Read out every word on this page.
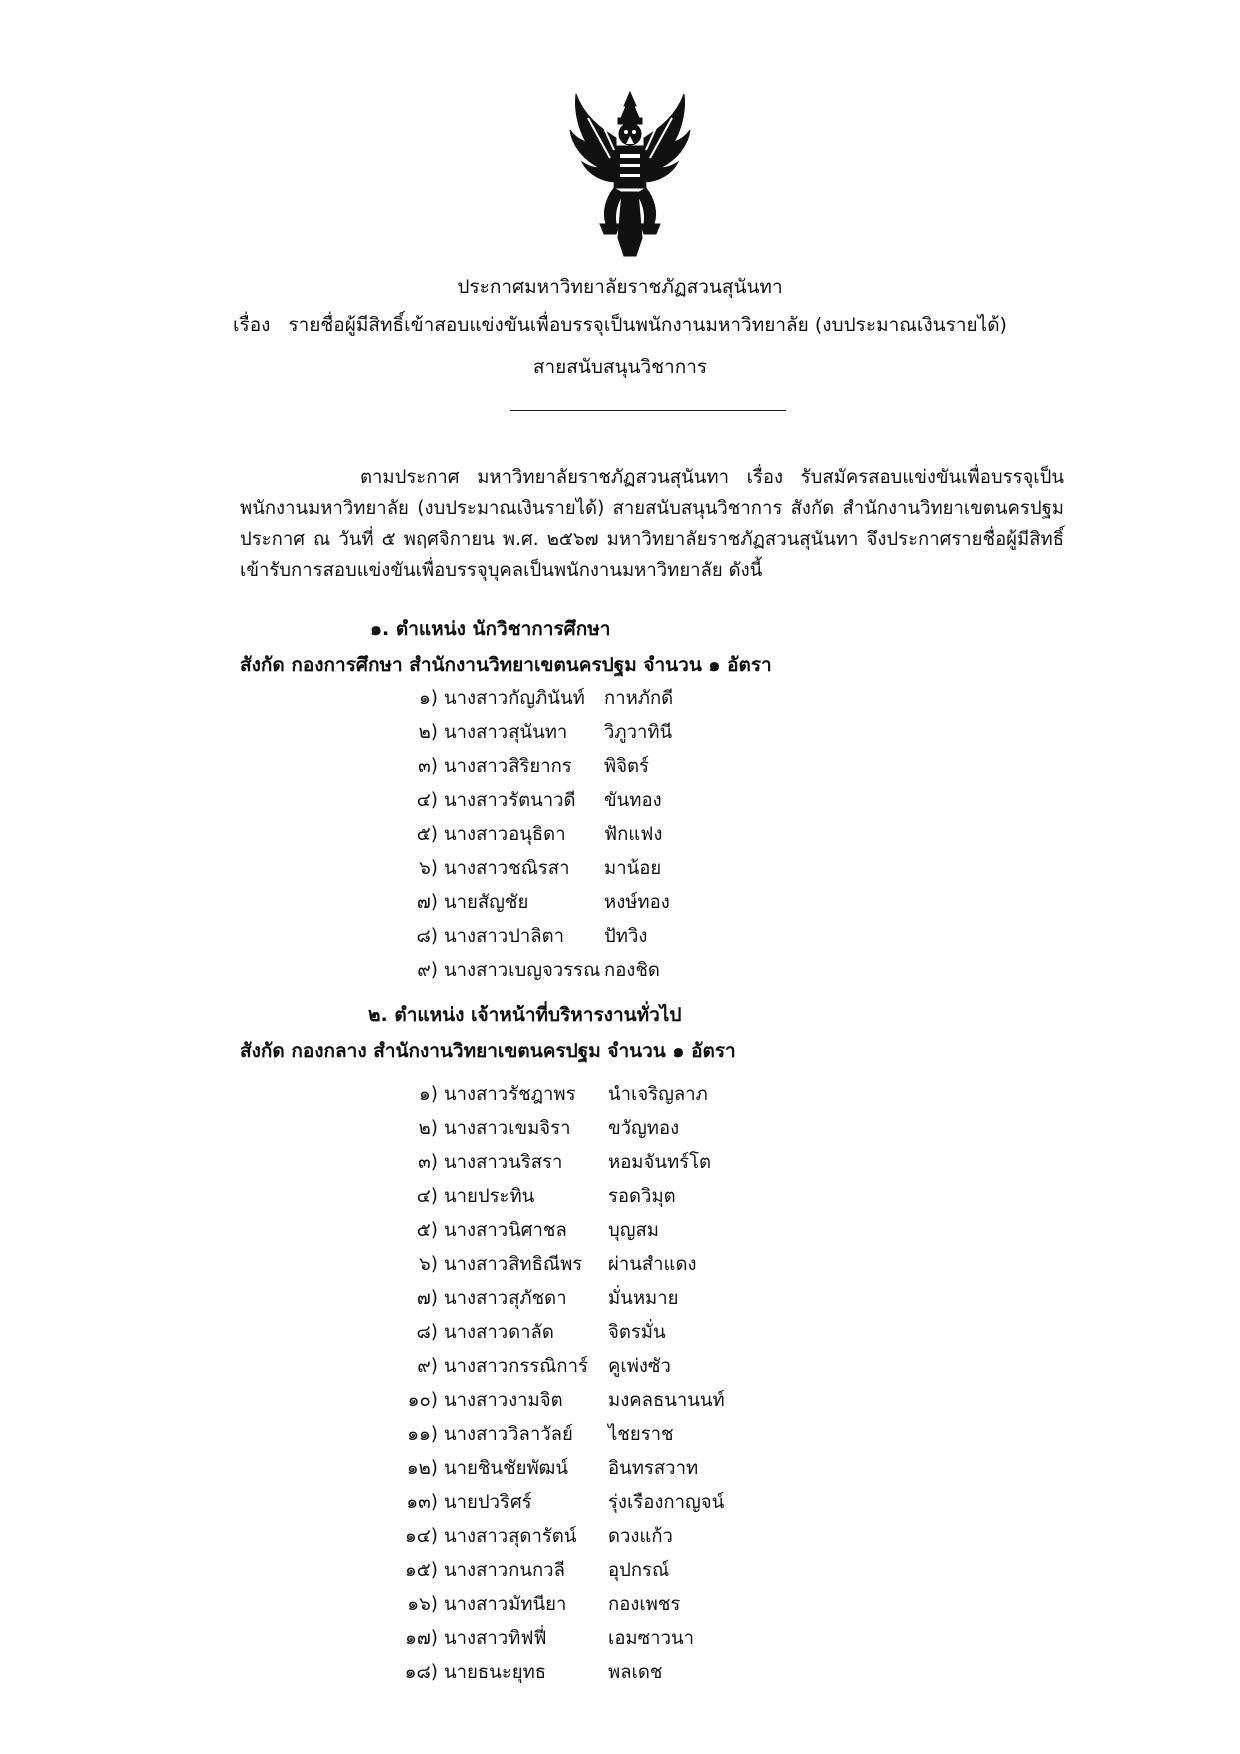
ประกาศมหาวิทยาลัยราชภัฏสวนสุนันทา
เรื่อง รายชื่อผู้มีสิทธิ์เข้าสอบแข่งขันเพื่อบรรจุเป็นพนักงานมหาวิทยาลัย (งบประมาณเงินรายได้)
สายสนับสนุนวิชาการ

ตามประกาศ มหาวิทยาลัยราชภัฏสวนสุนันทา เรื่อง รับสมัครสอบแข่งขันเพื่อบรรจุเป็นพนักงานมหาวิทยาลัย (งบประมาณเงินรายได้) สายสนับสนุนวิชาการ สังกัด สำนักงานวิทยาเขตนครปฐม ประกาศ ณ วันที่ ๕ พฤศจิกายน พ.ศ. ๒๕๖๗ มหาวิทยาลัยราชภัฏสวนสุนันทา จึงประกาศรายชื่อผู้มีสิทธิ์เข้ารับการสอบแข่งขันเพื่อบรรจุบุคลเป็นพนักงานมหาวิทยาลัย ดังนี้

๑. ตำแหน่ง นักวิชาการศึกษา
สังกัด กองการศึกษา สำนักงานวิทยาเขตนครปฐม จำนวน ๑ อัตรา
๑) นางสาวกัญภินันท์	กาหภักดี
๒) นางสาวสุนันทา	วิภูวาทินี
๓) นางสาวสิริยากร	พิจิตร์
๔) นางสาวรัตนาวดี	ขันทอง
๕) นางสาวอนุธิดา	ฟักแฟง
๖) นางสาวชณิรสา	มาน้อย
๗) นายสัญชัย	หงษ์ทอง
๘) นางสาวปาลิตา	ปัทวิง
๙) นางสาวเบญจวรรณ กองชิด
๒. ตำแหน่ง เจ้าหน้าที่บริหารงานทั่วไป
สังกัด กองกลาง สำนักงานวิทยาเขตนครปฐม จำนวน ๑ อัตรา
๑) นางสาวรัชฎาพร	นำเจริญลาภ
๒) นางสาวเขมจิรา	ขวัญทอง
๓) นางสาวนริสรา	หอมจันทร์โต
๔) นายประทิน	รอดวิมุต
๕) นางสาวนิศาชล	บุญสม
๖) นางสาวสิทธิณีพร	ผ่านสำแดง
๗) นางสาวสุภัชดา	มั่นหมาย
๘) นางสาวดาลัด	จิตรมั่น
๙) นางสาวกรรณิการ์	คูเพ่งซัว
๑๐) นางสาวงามจิต	มงคลธนานนท์
๑๑) นางสาววิลาวัลย์	ไชยราช
๑๒) นายชินชัยพัฒน์	อินทรสวาท
๑๓) นายปวริศร์	รุ่งเรืองกาญจน์
๑๔) นางสาวสุดารัตน์	ดวงแก้ว
๑๕) นางสาวกนกวลี	อุปกรณ์
๑๖) นางสาวมัทนียา	กองเพชร
๑๗) นางสาวทิฟฟี่	เอมซาวนา
๑๘) นายธนะยุทธ	พลเดช
